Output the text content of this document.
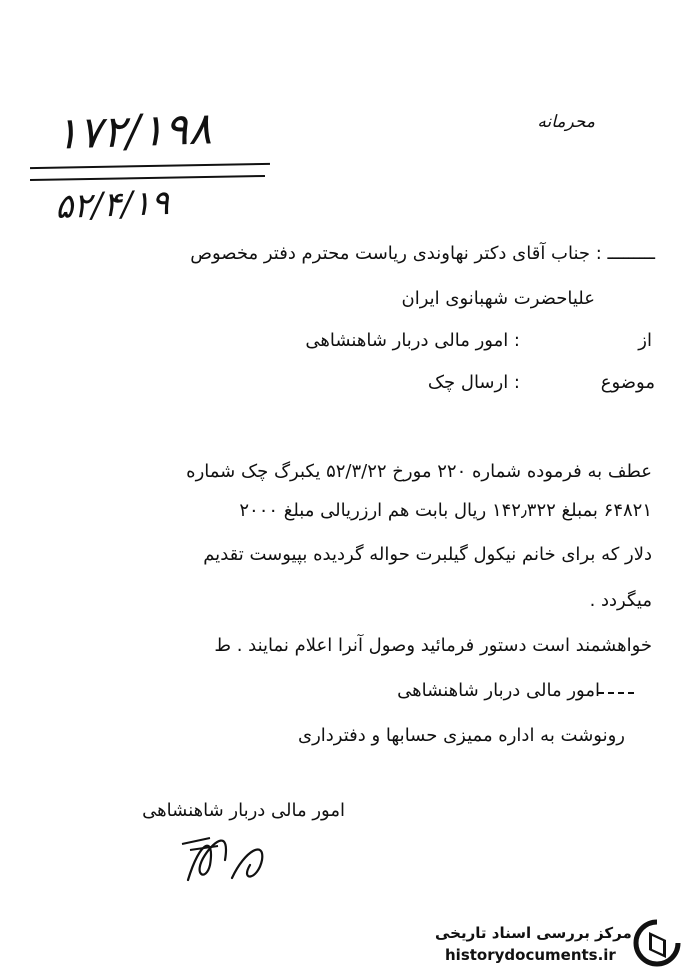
محرمانه
۱۷۲/۱۹۸
۵۲/۴/۱۹
ـــــــــ : جناب آقای دکتر نهاوندی ریاست محترم دفتر مخصوص
علیاحضرت شهبانوی ایران
از
: امور مالی دربار شاهنشاهی
موضوع
: ارسال چک
عطف به فرموده شماره ۲۲۰ مورخ ۵۲/۳/۲۲ یکبرگ چک شماره
۶۴۸۲۱ بمبلغ ۱۴۲٫۳۲۲ ریال بابت هم ارزریالی مبلغ ۲۰۰۰
دلار که برای خانم نیکول گیلبرت حواله گردیده بپیوست تقدیم
میگردد .
خواهشمند است دستور فرمائید وصول آنرا اعلام نمایند . ط
امور مالی دربار شاهنشاهی
رونوشت به اداره ممیزی حسابها و دفترداری
امور مالی دربار شاهنشاهی
مرکز بررسی اسناد تاریخی
historydocuments.ir
